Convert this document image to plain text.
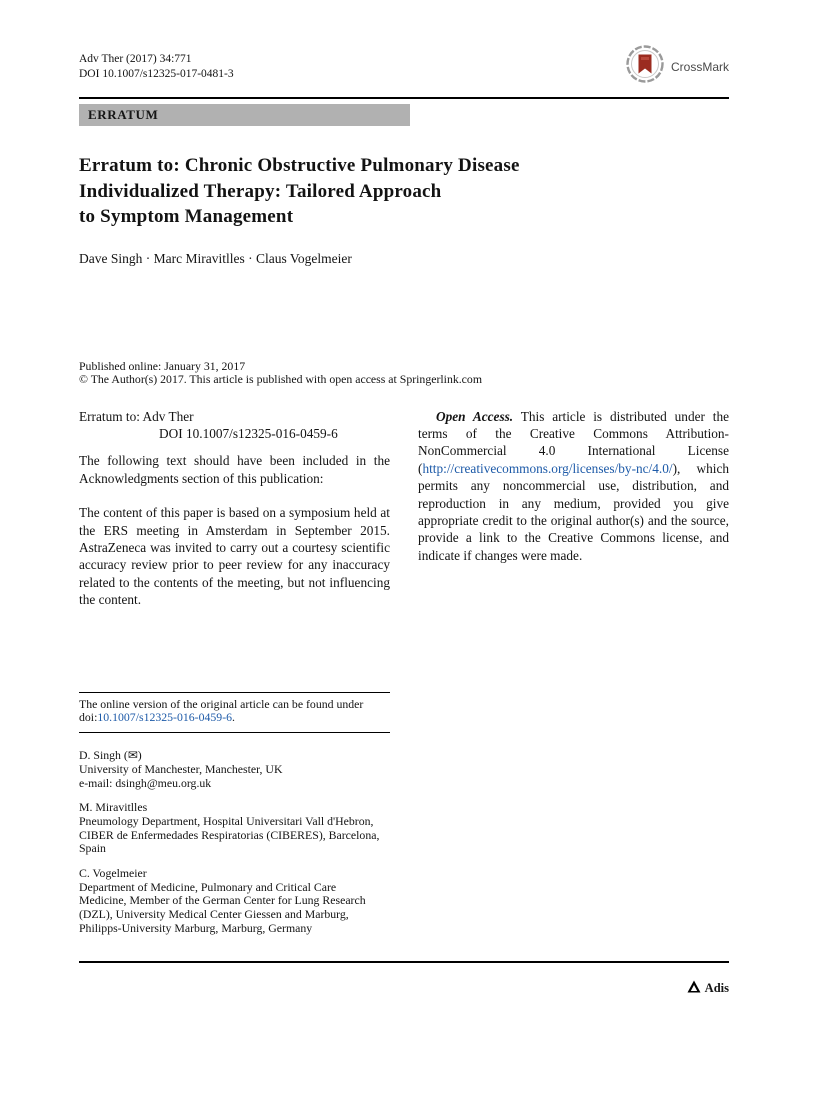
Adv Ther (2017) 34:771
DOI 10.1007/s12325-017-0481-3
CrossMark
ERRATUM
Erratum to: Chronic Obstructive Pulmonary Disease
Individualized Therapy: Tailored Approach
to Symptom Management
Dave Singh · Marc Miravitlles · Claus Vogelmeier
Published online: January 31, 2017
© The Author(s) 2017. This article is published with open access at Springerlink.com
Erratum to: Adv Ther
DOI 10.1007/s12325-016-0459-6

The following text should have been included in the Acknowledgments section of this publication:

The content of this paper is based on a symposium held at the ERS meeting in Amsterdam in September 2015. AstraZeneca was invited to carry out a courtesy scientific accuracy review prior to peer review for any inaccuracy related to the contents of the meeting, but not influencing the content.

Open Access. This article is distributed under the terms of the Creative Commons Attribution-NonCommercial 4.0 International License (http://creativecommons.org/licenses/by-nc/4.0/), which permits any noncommercial use, distribution, and reproduction in any medium, provided you give appropriate credit to the original author(s) and the source, provide a link to the Creative Commons license, and indicate if changes were made.

The online version of the original article can be found under doi:10.1007/s12325-016-0459-6.
D. Singh (✉)
University of Manchester, Manchester, UK
e-mail: dsingh@meu.org.uk
M. Miravitlles
Pneumology Department, Hospital Universitari Vall d'Hebron, CIBER de Enfermedades Respiratorias (CIBERES), Barcelona, Spain
C. Vogelmeier
Department of Medicine, Pulmonary and Critical Care Medicine, Member of the German Center for Lung Research (DZL), University Medical Center Giessen and Marburg, Philipps-University Marburg, Marburg, Germany
Adis
